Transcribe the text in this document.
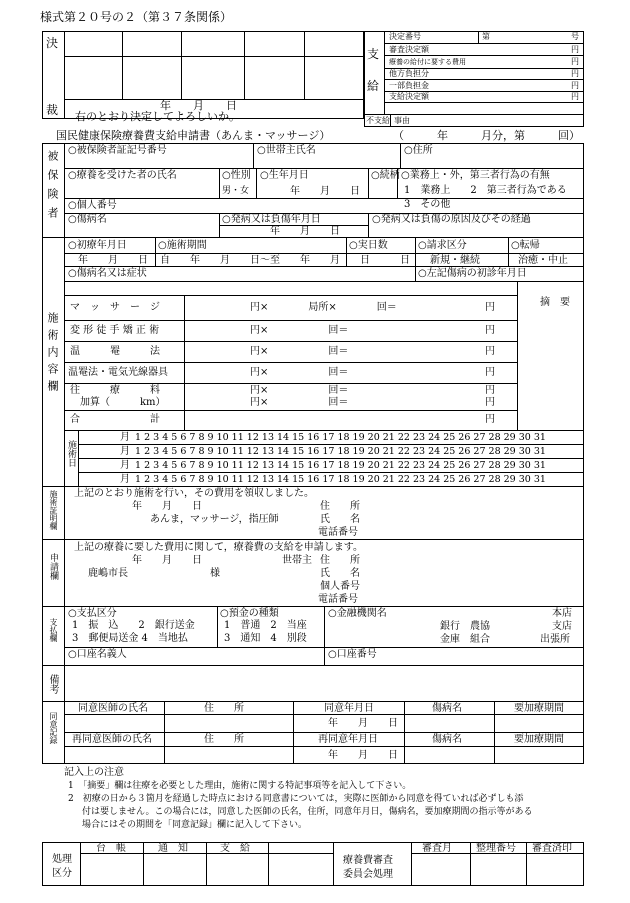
様式第２０号の２（第３７条関係）
決
裁	年　　月　　日
右のとおり決定してよろしいか。
支
給
決定番号	第	号
審査決定額	円
療養の給付に要する費用	円
他方負担分	円
一部負担金	円
支給決定額	円
不支給 事由
国民健康保険療養費支給申請書（あんま・マッサージ）	（　　　年　　　月分，第　　　回）
被保険者 ○被保険者証記号番号	○世帯主氏名	○住所
○療養を受けた者の氏名	○性別
男・女
○生年月日
年　　月　　日
○続柄 ○業務上・外，第三者行為の有無
1　業務上　　2　第三者行為である
3　その他
○個人番号
○傷病名	○発病又は負傷年月日
年　　月　　日
○発病又は負傷の原因及びその経過
施術内容欄
○初療年月日	○施術期間	○実日数	○請求区分	○転帰
年　　月　　日 自　　年　　月　　日～至　　年　　月　　日	日 新規・継続	治癒・中止
○傷病名又は症状	○左記傷病の初診年月日
摘　要
マ　ッ　サ　ー　ジ	円×　　　　局所×　　　　回＝	円
変 形 徒 手 矯 正 術	円×　　　　　　回＝	円
温　　　罨　　　法	円×　　　　　　回＝	円
温罨法・電気光線器具	円×　　　　　　回＝	円
往　　　療　　　料	円×　　　　　　回＝	円
加算（　　　km）	円×　　　　　　回＝	円
合　　　　　　　計	円
施術日
月 1 2 3 4 5 6 7 8 9 10 11 12 13 14 15 16 17 18 19 20 21 22 23 24 25 26 27 28 29 30 31
月 1 2 3 4 5 6 7 8 9 10 11 12 13 14 15 16 17 18 19 20 21 22 23 24 25 26 27 28 29 30 31
月 1 2 3 4 5 6 7 8 9 10 11 12 13 14 15 16 17 18 19 20 21 22 23 24 25 26 27 28 29 30 31
月 1 2 3 4 5 6 7 8 9 10 11 12 13 14 15 16 17 18 19 20 21 22 23 24 25 26 27 28 29 30 31
施術証明欄 上記のとおり施術を行い，その費用を領収しました。
年　　月　　日	住　　所
あんま，マッサージ，指圧師	氏　　名
電話番号
申請欄
上記の療養に要した費用に関して，療養費の支給を申請します。
年　　月　　日	世帯主 住　　所
鹿嶋市長	様	氏　　名
個人番号
電話番号
支払欄
○支払区分
1　振　込　　2　銀行送金
3　郵便局送金 4　当地払
○預金の種類
1　普通　2　当座
3　通知　4　別段
○金融機関名	本店
銀行　農協	支店
金庫　組合	出張所
○口座名義人	○口座番号
備考
同意記録
同意医師の氏名	住　　所	同意年月日	傷病名	要加療期間
年　　月　　日
再同意医師の氏名	住　　所	再同意年月日	傷病名	要加療期間
年　　月　　日
記入上の注意
1　「摘要」欄は往療を必要とした理由，施術に関する特記事項等を記入して下さい。
2　初療の日から３箇月を経過した時点における同意書については，実際に医師から同意を得ていれば必ずしも添
付は要しません。この場合には，同意した医師の氏名，住所，同意年月日，傷病名，要加療期間の指示等がある
場合にはその期間を「同意記録」欄に記入して下さい。
処理
区分
台　帳	通　知	支　給
療養費審査
委員会処理
審査月 整理番号 審査済印
